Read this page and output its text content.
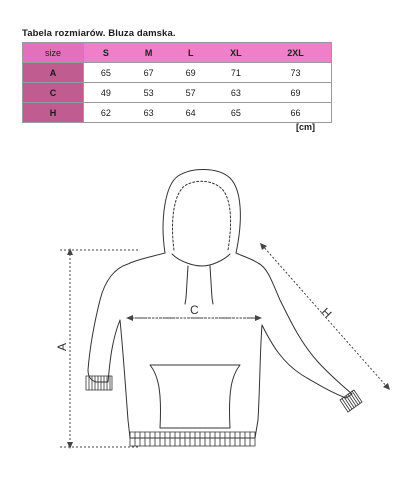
Tabela rozmiarów. Bluza damska.
size	S	M	L	XL	2XL
A	65	67	69	71	73
C	49	53	57	63	69
H	62	63	64	65	66
[cm]
A
C	H
